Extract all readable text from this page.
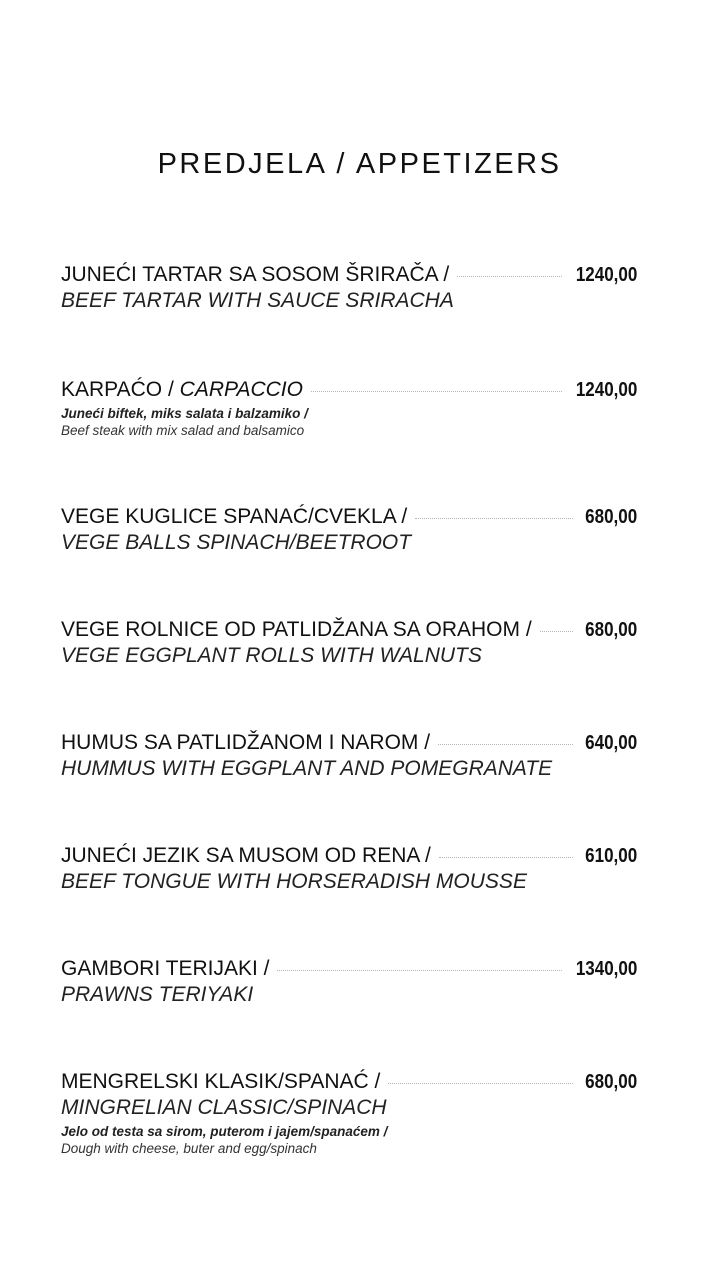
PREDJELA / APPETIZERS
JUNEĆI TARTAR SA SOSOM ŠRIRAČA /	1240,00
BEEF TARTAR WITH SAUCE SRIRACHA
KARPAĆO / CARPACCIO	1240,00
Juneći biftek, miks salata i balzamiko /
Beef steak with mix salad and balsamico
VEGE KUGLICE SPANAĆ/CVEKLA /	680,00
VEGE BALLS SPINACH/BEETROOT
VEGE ROLNICE OD PATLIDŽANA SA ORAHOM /	680,00
VEGE EGGPLANT ROLLS WITH WALNUTS
HUMUS SA PATLIDŽANOM I NAROM /	640,00
HUMMUS WITH EGGPLANT AND POMEGRANATE
JUNEĆI JEZIK SA MUSOM OD RENA /	610,00
BEEF TONGUE WITH HORSERADISH MOUSSE
GAMBORI TERIJAKI /	1340,00
PRAWNS TERIYAKI
MENGRELSKI KLASIK/SPANAĆ /	680,00
MINGRELIAN CLASSIC/SPINACH
Jelo od testa sa sirom, puterom i jajem/spanaćem /
Dough with cheese, buter and egg/spinach
